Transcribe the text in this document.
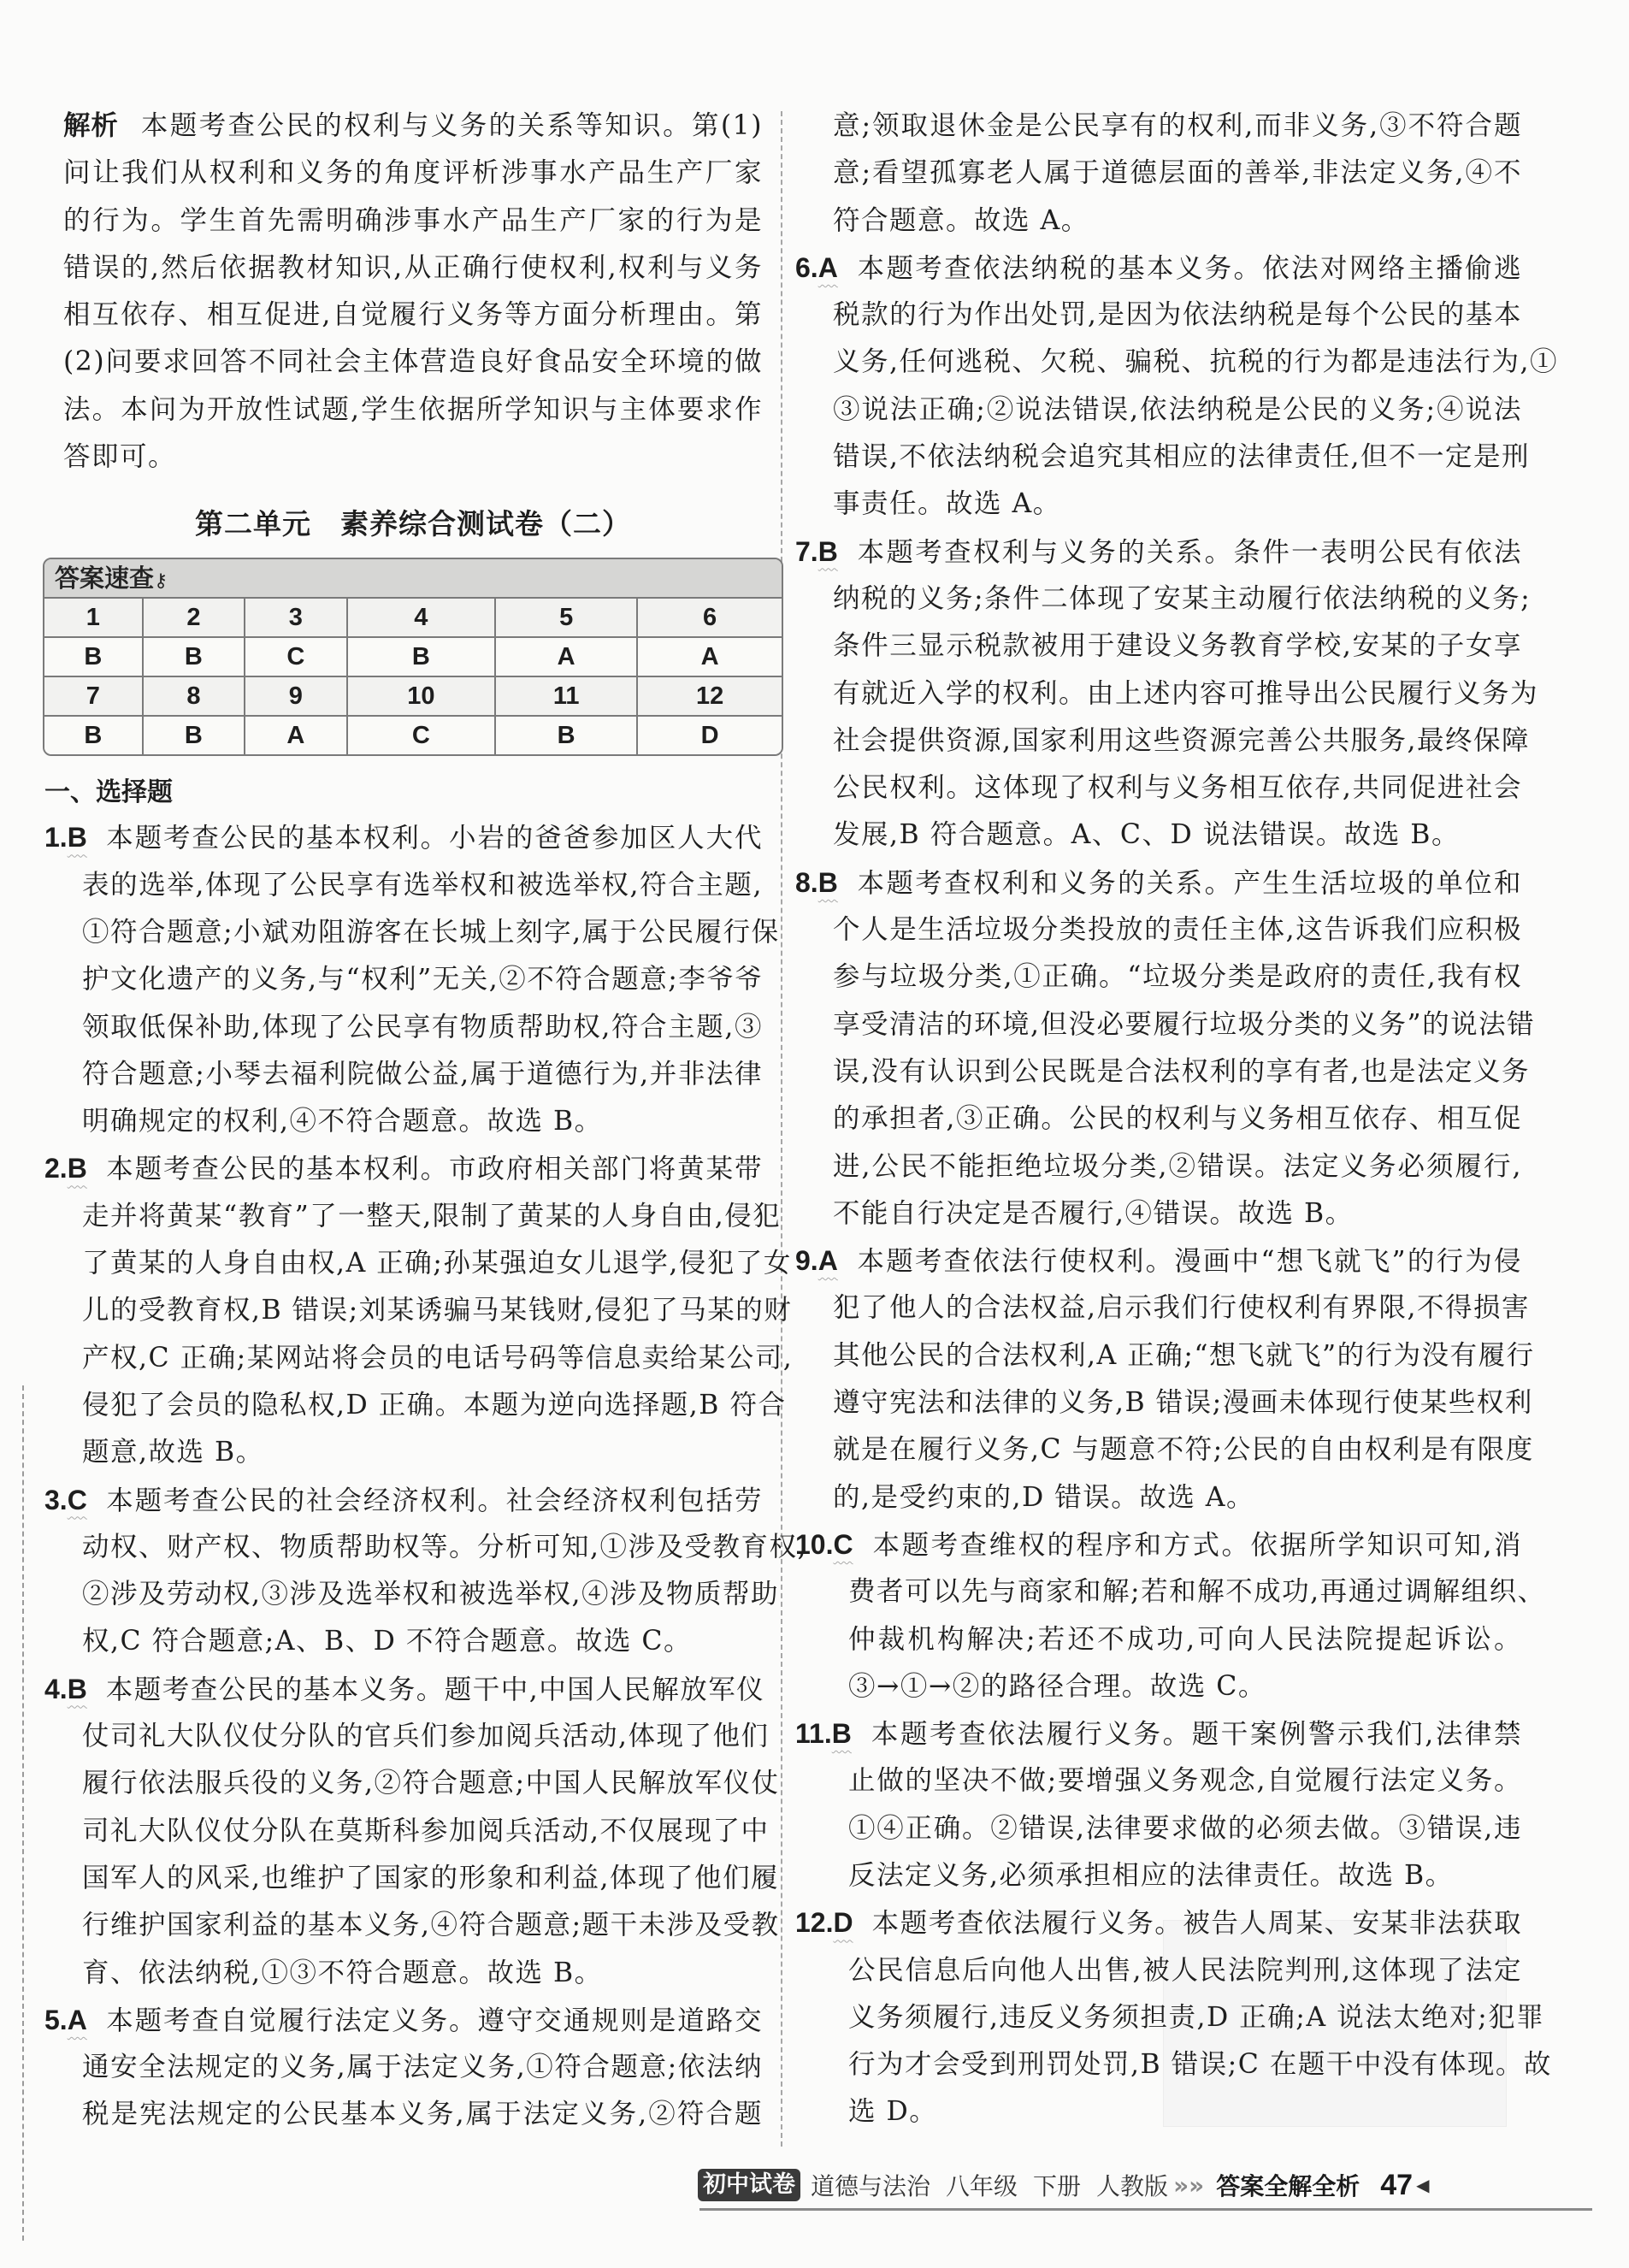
解析 本题考查公民的权利与义务的关系等知识。第(1)
问让我们从权利和义务的角度评析涉事水产品生产厂家
的行为。学生首先需明确涉事水产品生产厂家的行为是
错误的,然后依据教材知识,从正确行使权利,权利与义务
相互依存、相互促进,自觉履行义务等方面分析理由。第
(2)问要求回答不同社会主体营造良好食品安全环境的做
法。本问为开放性试题,学生依据所学知识与主体要求作
答即可。
第二单元　素养综合测试卷（二）
答案速查⚷
1	2	3	4	5	6
B	B	C	B	A	A
7	8	9	10	11	12
B	B	A	C	B	D
一、选择题
1.B 本题考查公民的基本权利。小岩的爸爸参加区人大代
表的选举,体现了公民享有选举权和被选举权,符合主题,
①符合题意;小斌劝阻游客在长城上刻字,属于公民履行保
护文化遗产的义务,与“权利”无关,②不符合题意;李爷爷
领取低保补助,体现了公民享有物质帮助权,符合主题,③
符合题意;小琴去福利院做公益,属于道德行为,并非法律
明确规定的权利,④不符合题意。故选 B。
2.B 本题考查公民的基本权利。市政府相关部门将黄某带
走并将黄某“教育”了一整天,限制了黄某的人身自由,侵犯
了黄某的人身自由权,A 正确;孙某强迫女儿退学,侵犯了女
儿的受教育权,B 错误;刘某诱骗马某钱财,侵犯了马某的财
产权,C 正确;某网站将会员的电话号码等信息卖给某公司,
侵犯了会员的隐私权,D 正确。本题为逆向选择题,B 符合
题意,故选 B。
3.C 本题考查公民的社会经济权利。社会经济权利包括劳
动权、财产权、物质帮助权等。分析可知,①涉及受教育权,
②涉及劳动权,③涉及选举权和被选举权,④涉及物质帮助
权,C 符合题意;A、B、D 不符合题意。故选 C。
4.B 本题考查公民的基本义务。题干中,中国人民解放军仪
仗司礼大队仪仗分队的官兵们参加阅兵活动,体现了他们
履行依法服兵役的义务,②符合题意;中国人民解放军仪仗
司礼大队仪仗分队在莫斯科参加阅兵活动,不仅展现了中
国军人的风采,也维护了国家的形象和利益,体现了他们履
行维护国家利益的基本义务,④符合题意;题干未涉及受教
育、依法纳税,①③不符合题意。故选 B。
5.A 本题考查自觉履行法定义务。遵守交通规则是道路交
通安全法规定的义务,属于法定义务,①符合题意;依法纳
税是宪法规定的公民基本义务,属于法定义务,②符合题
意;领取退休金是公民享有的权利,而非义务,③不符合题
意;看望孤寡老人属于道德层面的善举,非法定义务,④不
符合题意。故选 A。
6.A 本题考查依法纳税的基本义务。依法对网络主播偷逃
税款的行为作出处罚,是因为依法纳税是每个公民的基本
义务,任何逃税、欠税、骗税、抗税的行为都是违法行为,①
③说法正确;②说法错误,依法纳税是公民的义务;④说法
错误,不依法纳税会追究其相应的法律责任,但不一定是刑
事责任。故选 A。
7.B 本题考查权利与义务的关系。条件一表明公民有依法
纳税的义务;条件二体现了安某主动履行依法纳税的义务;
条件三显示税款被用于建设义务教育学校,安某的子女享
有就近入学的权利。由上述内容可推导出公民履行义务为
社会提供资源,国家利用这些资源完善公共服务,最终保障
公民权利。这体现了权利与义务相互依存,共同促进社会
发展,B 符合题意。A、C、D 说法错误。故选 B。
8.B 本题考查权利和义务的关系。产生生活垃圾的单位和
个人是生活垃圾分类投放的责任主体,这告诉我们应积极
参与垃圾分类,①正确。“垃圾分类是政府的责任,我有权
享受清洁的环境,但没必要履行垃圾分类的义务”的说法错
误,没有认识到公民既是合法权利的享有者,也是法定义务
的承担者,③正确。公民的权利与义务相互依存、相互促
进,公民不能拒绝垃圾分类,②错误。法定义务必须履行,
不能自行决定是否履行,④错误。故选 B。
9.A 本题考查依法行使权利。漫画中“想飞就飞”的行为侵
犯了他人的合法权益,启示我们行使权利有界限,不得损害
其他公民的合法权利,A 正确;“想飞就飞”的行为没有履行
遵守宪法和法律的义务,B 错误;漫画未体现行使某些权利
就是在履行义务,C 与题意不符;公民的自由权利是有限度
的,是受约束的,D 错误。故选 A。
10.C 本题考查维权的程序和方式。依据所学知识可知,消
费者可以先与商家和解;若和解不成功,再通过调解组织、
仲裁机构解决;若还不成功,可向人民法院提起诉讼。
③→①→②的路径合理。故选 C。
11.B 本题考查依法履行义务。题干案例警示我们,法律禁
止做的坚决不做;要增强义务观念,自觉履行法定义务。
①④正确。②错误,法律要求做的必须去做。③错误,违
反法定义务,必须承担相应的法律责任。故选 B。
12.D 本题考查依法履行义务。被告人周某、安某非法获取
公民信息后向他人出售,被人民法院判刑,这体现了法定
义务须履行,违反义务须担责,D 正确;A 说法太绝对;犯罪
行为才会受到刑罚处罚,B 错误;C 在题干中没有体现。故
选 D。
初中试卷 道德与法治 八年级 下册 人教版 »» 答案全解全析 47 ◀
